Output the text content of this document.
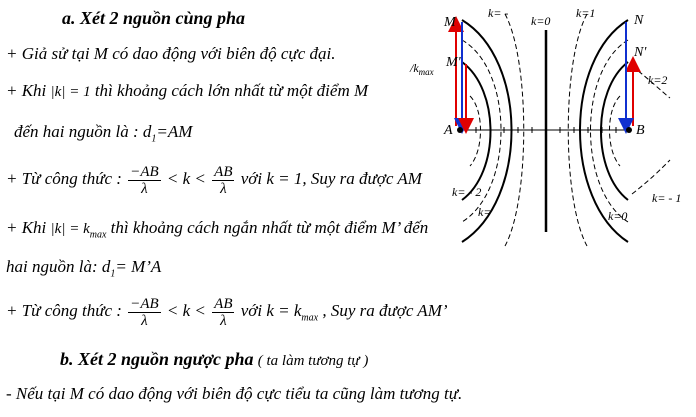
a. Xét 2 nguồn cùng pha
+ Giả sử tại M có dao động với biên độ cực đại.
+ Khi |k| = 1 thì khoảng cách lớn nhất từ một điểm M
đến hai nguồn là : $d_1=AM$
+ Từ công thức : $\frac{-AB}{\lambda} < k < \frac{AB}{\lambda}$ với k = 1, Suy ra được AM
+ Khi $|k| = k_{max}$ thì khoảng cách ngắn nhất từ một điểm M’ đến
hai nguồn là: $d_1=$ M’A
+ Từ công thức : $\frac{-AB}{\lambda} < k < \frac{AB}{\lambda}$ với $k = k_{max}$ , Suy ra được AM’
b. Xét 2 nguồn ngược pha ( ta làm tương tự )
- Nếu tại M có dao động với biên độ cực tiểu ta cũng làm tương tự.
M
M'
A
N
N'
B
k= -
k=0
k=1
$/k_{max}$
k=2
k= - 2
k=	k=0
k= - 1
